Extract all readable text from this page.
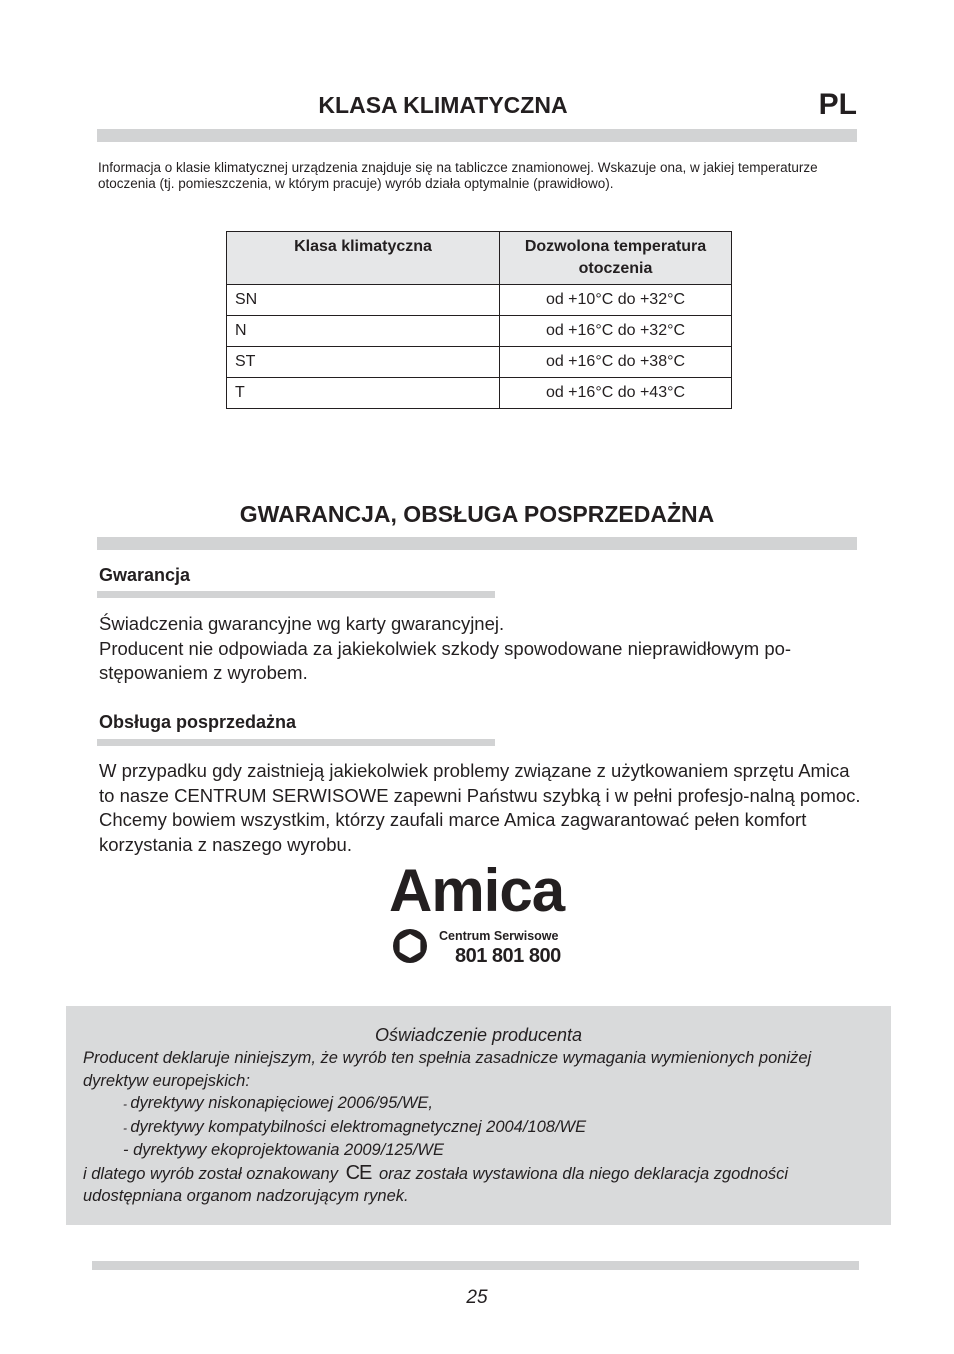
KLASA KLIMATYCZNA	PL
Informacja o klasie klimatycznej urządzenia znajduje się na tabliczce znamionowej. Wskazuje ona, w jakiej temperaturze otoczenia (tj. pomieszczenia, w którym pracuje) wyrób działa optymalnie (prawidłowo).
Klasa klimatyczna	Dozwolona temperatura otoczenia
SN	od +10°C do +32°C
N	od +16°C do +32°C
ST	od +16°C do +38°C
T	od +16°C do +43°C
GWARANCJA, OBSŁUGA POSPRZEDAŻNA
Gwarancja
Świadczenia gwarancyjne wg karty gwarancyjnej.
Producent nie odpowiada za jakiekolwiek szkody spowodowane nieprawidłowym po-stępowaniem z wyrobem.
Obsługa posprzedażna
W przypadku gdy zaistnieją jakiekolwiek problemy związane z użytkowaniem sprzętu Amica to nasze CENTRUM SERWISOWE zapewni Państwu szybką i w pełni profesjo-nalną pomoc. Chcemy bowiem wszystkim, którzy zaufali marce Amica zagwarantować pełen komfort korzystania z naszego wyrobu.
Amica
Centrum Serwisowe
801 801 800
Oświadczenie producenta
Producent deklaruje niniejszym, że wyrób ten spełnia zasadnicze wymagania wymienionych poniżej dyrektyw europejskich:
- dyrektywy niskonapięciowej 2006/95/WE,
- dyrektywy kompatybilności elektromagnetycznej 2004/108/WE
- dyrektywy ekoprojektowania 2009/125/WE
i dlatego wyrób został oznakowany CE oraz została wystawiona dla niego deklaracja zgodności udostępniana organom nadzorującym rynek.
25
